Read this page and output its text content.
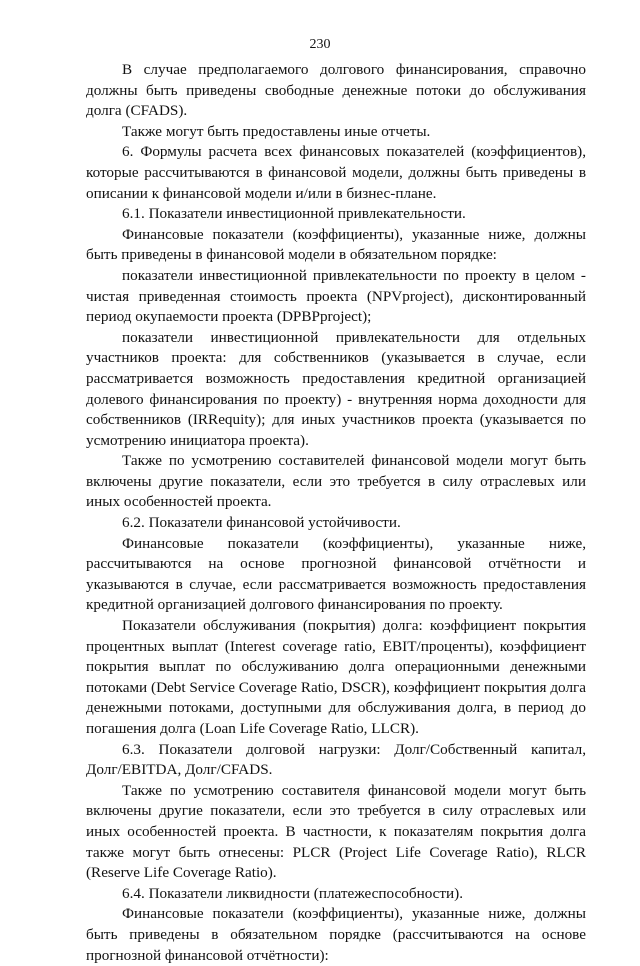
230

В случае предполагаемого долгового финансирования, справочно должны быть приведены свободные денежные потоки до обслуживания долга (CFADS).

Также могут быть предоставлены иные отчеты.

6. Формулы расчета всех финансовых показателей (коэффициентов), которые рассчитываются в финансовой модели, должны быть приведены в описании к финансовой модели и/или в бизнес-плане.

6.1. Показатели инвестиционной привлекательности.

Финансовые показатели (коэффициенты), указанные ниже, должны быть приведены в финансовой модели в обязательном порядке:

показатели инвестиционной привлекательности по проекту в целом - чистая приведенная стоимость проекта (NPVproject), дисконтированный период окупаемости проекта (DPBPproject);

показатели инвестиционной привлекательности для отдельных участников проекта: для собственников (указывается в случае, если рассматривается возможность предоставления кредитной организацией долевого финансирования по проекту) - внутренняя норма доходности для собственников (IRRequity); для иных участников проекта (указывается по усмотрению инициатора проекта).

Также по усмотрению составителей финансовой модели могут быть включены другие показатели, если это требуется в силу отраслевых или иных особенностей проекта.

6.2. Показатели финансовой устойчивости.

Финансовые показатели (коэффициенты), указанные ниже, рассчитываются на основе прогнозной финансовой отчётности и указываются в случае, если рассматривается возможность предоставления кредитной организацией долгового финансирования по проекту.

Показатели обслуживания (покрытия) долга: коэффициент покрытия процентных выплат (Interest coverage ratio, EBIT/проценты), коэффициент покрытия выплат по обслуживанию долга операционными денежными потоками (Debt Service Coverage Ratio, DSCR), коэффициент покрытия долга денежными потоками, доступными для обслуживания долга, в период до погашения долга (Loan Life Coverage Ratio, LLCR).

6.3. Показатели долговой нагрузки: Долг/Собственный капитал, Долг/EBITDA, Долг/CFADS.

Также по усмотрению составителя финансовой модели могут быть включены другие показатели, если это требуется в силу отраслевых или иных особенностей проекта. В частности, к показателям покрытия долга также могут быть отнесены: PLCR (Project Life Coverage Ratio), RLCR (Reserve Life Coverage Ratio).

6.4. Показатели ликвидности (платежеспособности).

Финансовые показатели (коэффициенты), указанные ниже, должны быть приведены в обязательном порядке (рассчитываются на основе прогнозной финансовой отчётности):
